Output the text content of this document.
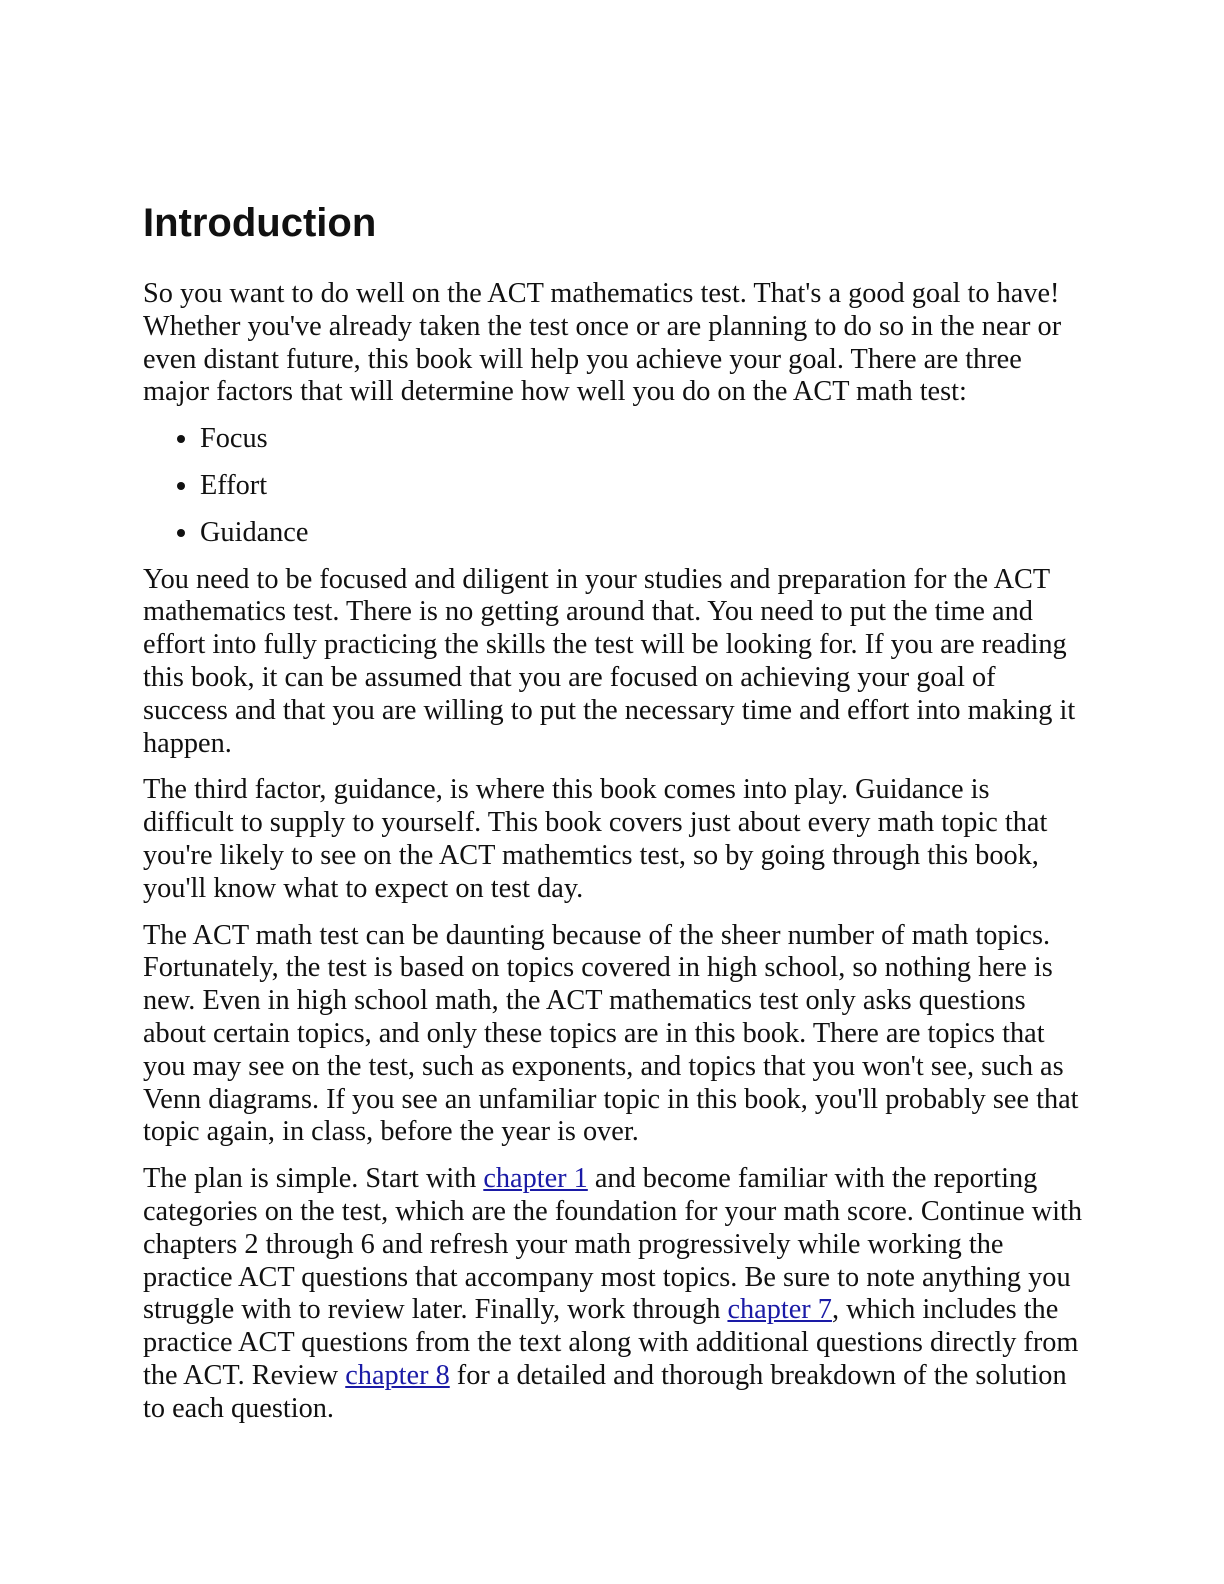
Introduction

So you want to do well on the ACT mathematics test. That's a good goal to have! Whether you've already taken the test once or are planning to do so in the near or even distant future, this book will help you achieve your goal. There are three major factors that will determine how well you do on the ACT math test:

• Focus
• Effort
• Guidance

You need to be focused and diligent in your studies and preparation for the ACT mathematics test. There is no getting around that. You need to put the time and effort into fully practicing the skills the test will be looking for. If you are reading this book, it can be assumed that you are focused on achieving your goal of success and that you are willing to put the necessary time and effort into making it happen.

The third factor, guidance, is where this book comes into play. Guidance is difficult to supply to yourself. This book covers just about every math topic that you're likely to see on the ACT mathemtics test, so by going through this book, you'll know what to expect on test day.

The ACT math test can be daunting because of the sheer number of math topics. Fortunately, the test is based on topics covered in high school, so nothing here is new. Even in high school math, the ACT mathematics test only asks questions about certain topics, and only these topics are in this book. There are topics that you may see on the test, such as exponents, and topics that you won't see, such as Venn diagrams. If you see an unfamiliar topic in this book, you'll probably see that topic again, in class, before the year is over.

The plan is simple. Start with chapter 1 and become familiar with the reporting categories on the test, which are the foundation for your math score. Continue with chapters 2 through 6 and refresh your math progressively while working the practice ACT questions that accompany most topics. Be sure to note anything you struggle with to review later. Finally, work through chapter 7, which includes the practice ACT questions from the text along with additional questions directly from the ACT. Review chapter 8 for a detailed and thorough breakdown of the solution to each question.
